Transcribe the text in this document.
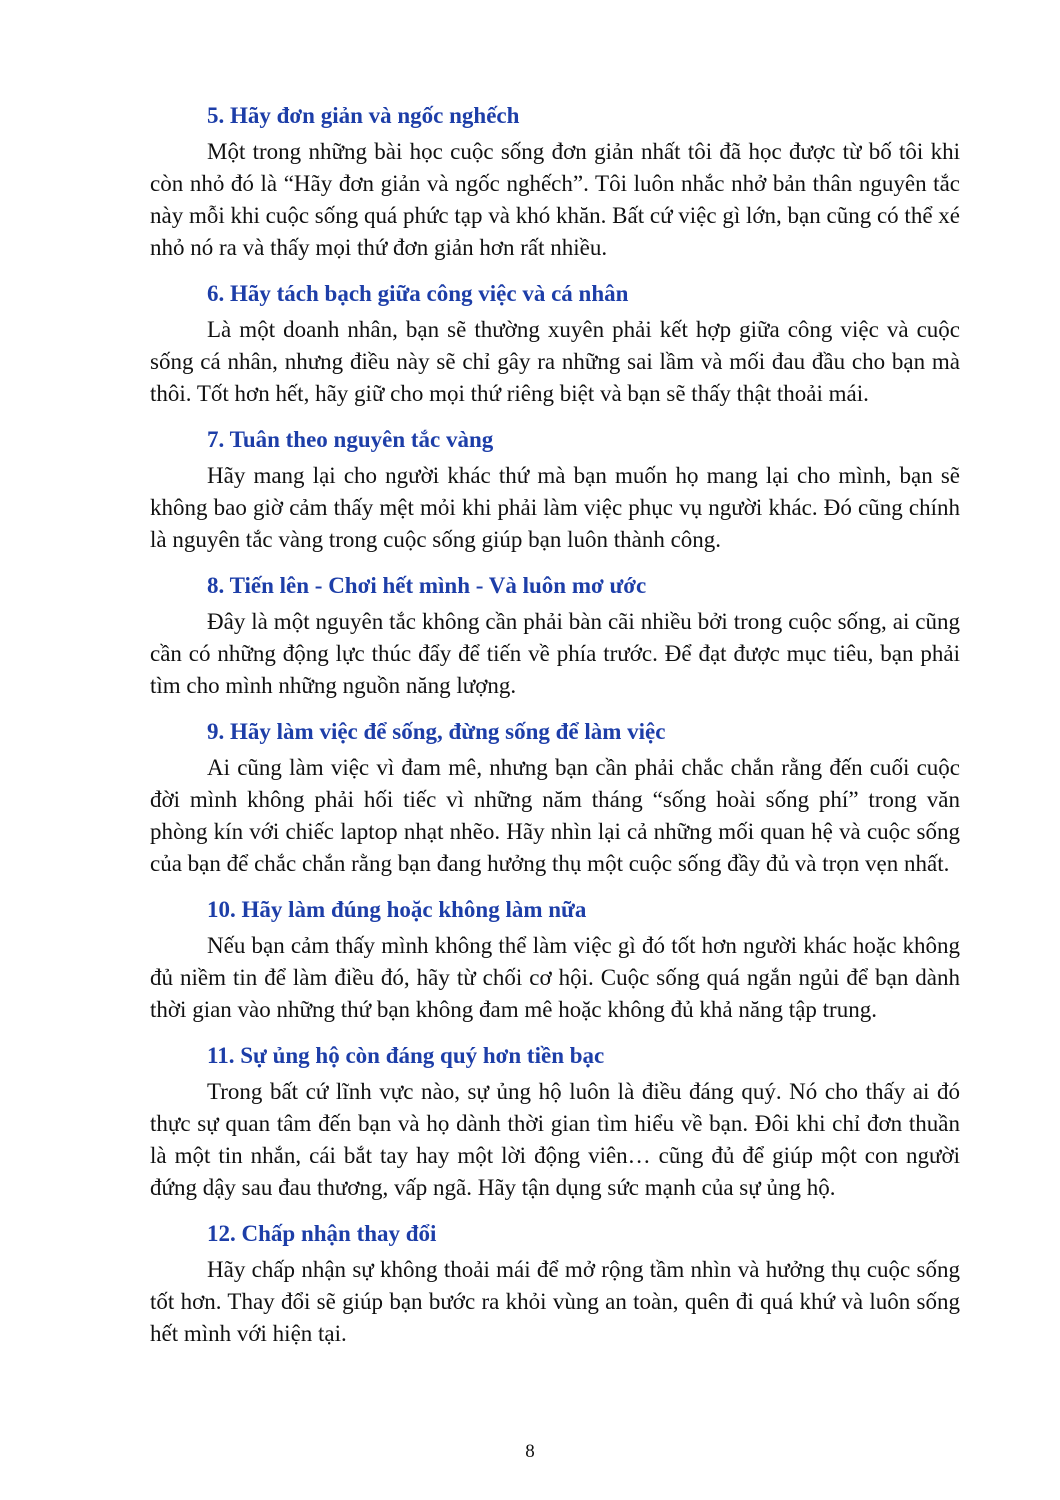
5. Hãy đơn giản và ngốc nghếch

Một trong những bài học cuộc sống đơn giản nhất tôi đã học được từ bố tôi khi còn nhỏ đó là “Hãy đơn giản và ngốc nghếch”. Tôi luôn nhắc nhở bản thân nguyên tắc này mỗi khi cuộc sống quá phức tạp và khó khăn. Bất cứ việc gì lớn, bạn cũng có thể xé nhỏ nó ra và thấy mọi thứ đơn giản hơn rất nhiều.

6. Hãy tách bạch giữa công việc và cá nhân

Là một doanh nhân, bạn sẽ thường xuyên phải kết hợp giữa công việc và cuộc sống cá nhân, nhưng điều này sẽ chỉ gây ra những sai lầm và mối đau đầu cho bạn mà thôi. Tốt hơn hết, hãy giữ cho mọi thứ riêng biệt và bạn sẽ thấy thật thoải mái.

7. Tuân theo nguyên tắc vàng

Hãy mang lại cho người khác thứ mà bạn muốn họ mang lại cho mình, bạn sẽ không bao giờ cảm thấy mệt mỏi khi phải làm việc phục vụ người khác. Đó cũng chính là nguyên tắc vàng trong cuộc sống giúp bạn luôn thành công.

8. Tiến lên - Chơi hết mình - Và luôn mơ ước

Đây là một nguyên tắc không cần phải bàn cãi nhiều bởi trong cuộc sống, ai cũng cần có những động lực thúc đẩy để tiến về phía trước. Để đạt được mục tiêu, bạn phải tìm cho mình những nguồn năng lượng.

9. Hãy làm việc để sống, đừng sống để làm việc

Ai cũng làm việc vì đam mê, nhưng bạn cần phải chắc chắn rằng đến cuối cuộc đời mình không phải hối tiếc vì những năm tháng “sống hoài sống phí” trong văn phòng kín với chiếc laptop nhạt nhẽo. Hãy nhìn lại cả những mối quan hệ và cuộc sống của bạn để chắc chắn rằng bạn đang hưởng thụ một cuộc sống đầy đủ và trọn vẹn nhất.

10. Hãy làm đúng hoặc không làm nữa

Nếu bạn cảm thấy mình không thể làm việc gì đó tốt hơn người khác hoặc không đủ niềm tin để làm điều đó, hãy từ chối cơ hội. Cuộc sống quá ngắn ngủi để bạn dành thời gian vào những thứ bạn không đam mê hoặc không đủ khả năng tập trung.

11. Sự ủng hộ còn đáng quý hơn tiền bạc

Trong bất cứ lĩnh vực nào, sự ủng hộ luôn là điều đáng quý. Nó cho thấy ai đó thực sự quan tâm đến bạn và họ dành thời gian tìm hiểu về bạn. Đôi khi chỉ đơn thuần là một tin nhắn, cái bắt tay hay một lời động viên… cũng đủ để giúp một con người đứng dậy sau đau thương, vấp ngã. Hãy tận dụng sức mạnh của sự ủng hộ.

12. Chấp nhận thay đổi

Hãy chấp nhận sự không thoải mái để mở rộng tầm nhìn và hưởng thụ cuộc sống tốt hơn. Thay đổi sẽ giúp bạn bước ra khỏi vùng an toàn, quên đi quá khứ và luôn sống hết mình với hiện tại.

8
